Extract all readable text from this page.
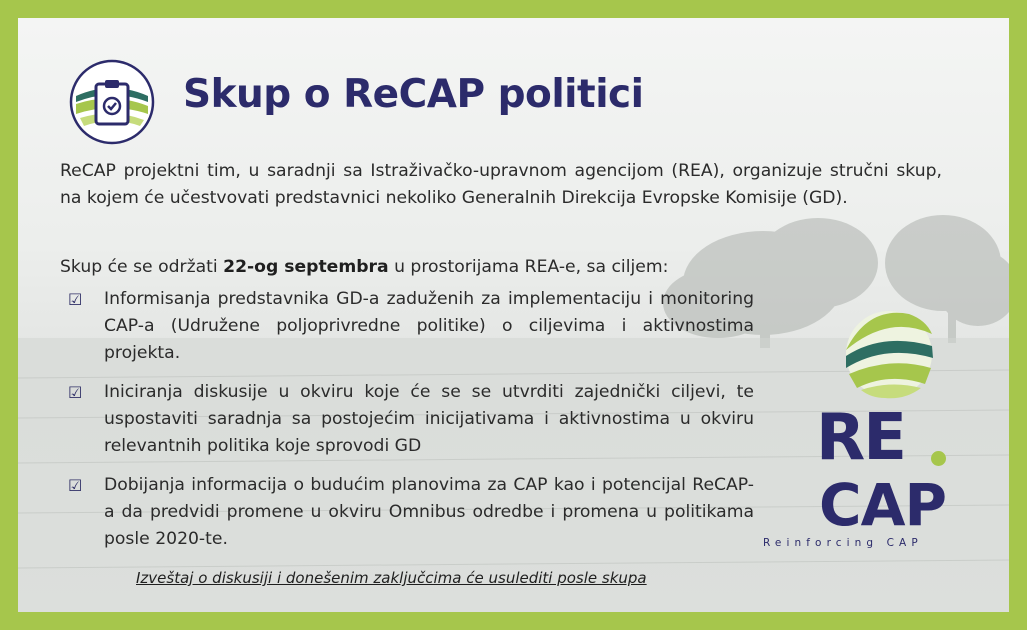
Skup o ReCAP politici

ReCAP projektni tim, u saradnji sa Istraživačko-upravnom agencijom (REA), organizuje stručni skup, na kojem će učestvovati predstavnici nekoliko Generalnih Direkcija Evropske Komisije (GD).

Skup će se održati 22-og septembra u prostorijama REA-e, sa ciljem:

☑	Informisanja predstavnika GD-a zaduženih za implementaciju i monitoring CAP-a (Udružene poljoprivredne politike) o ciljevima i aktivnostima projekta.
☑	Iniciranja diskusije u okviru koje će se se utvrditi zajednički ciljevi, te uspostaviti saradnja sa postojećim inicijativama i aktivnostima u okviru relevantnih politika koje sprovodi GD
☑	Dobijanja informacija o budućim planovima za CAP kao i potencijal ReCAP-a da predvidi promene u okviru Omnibus odredbe i promena u politikama posle 2020-te.

Izveštaj o diskusiji i donešenim zaključcima će usulediti posle skupa

RE
CAP

Reinforcing CAP
